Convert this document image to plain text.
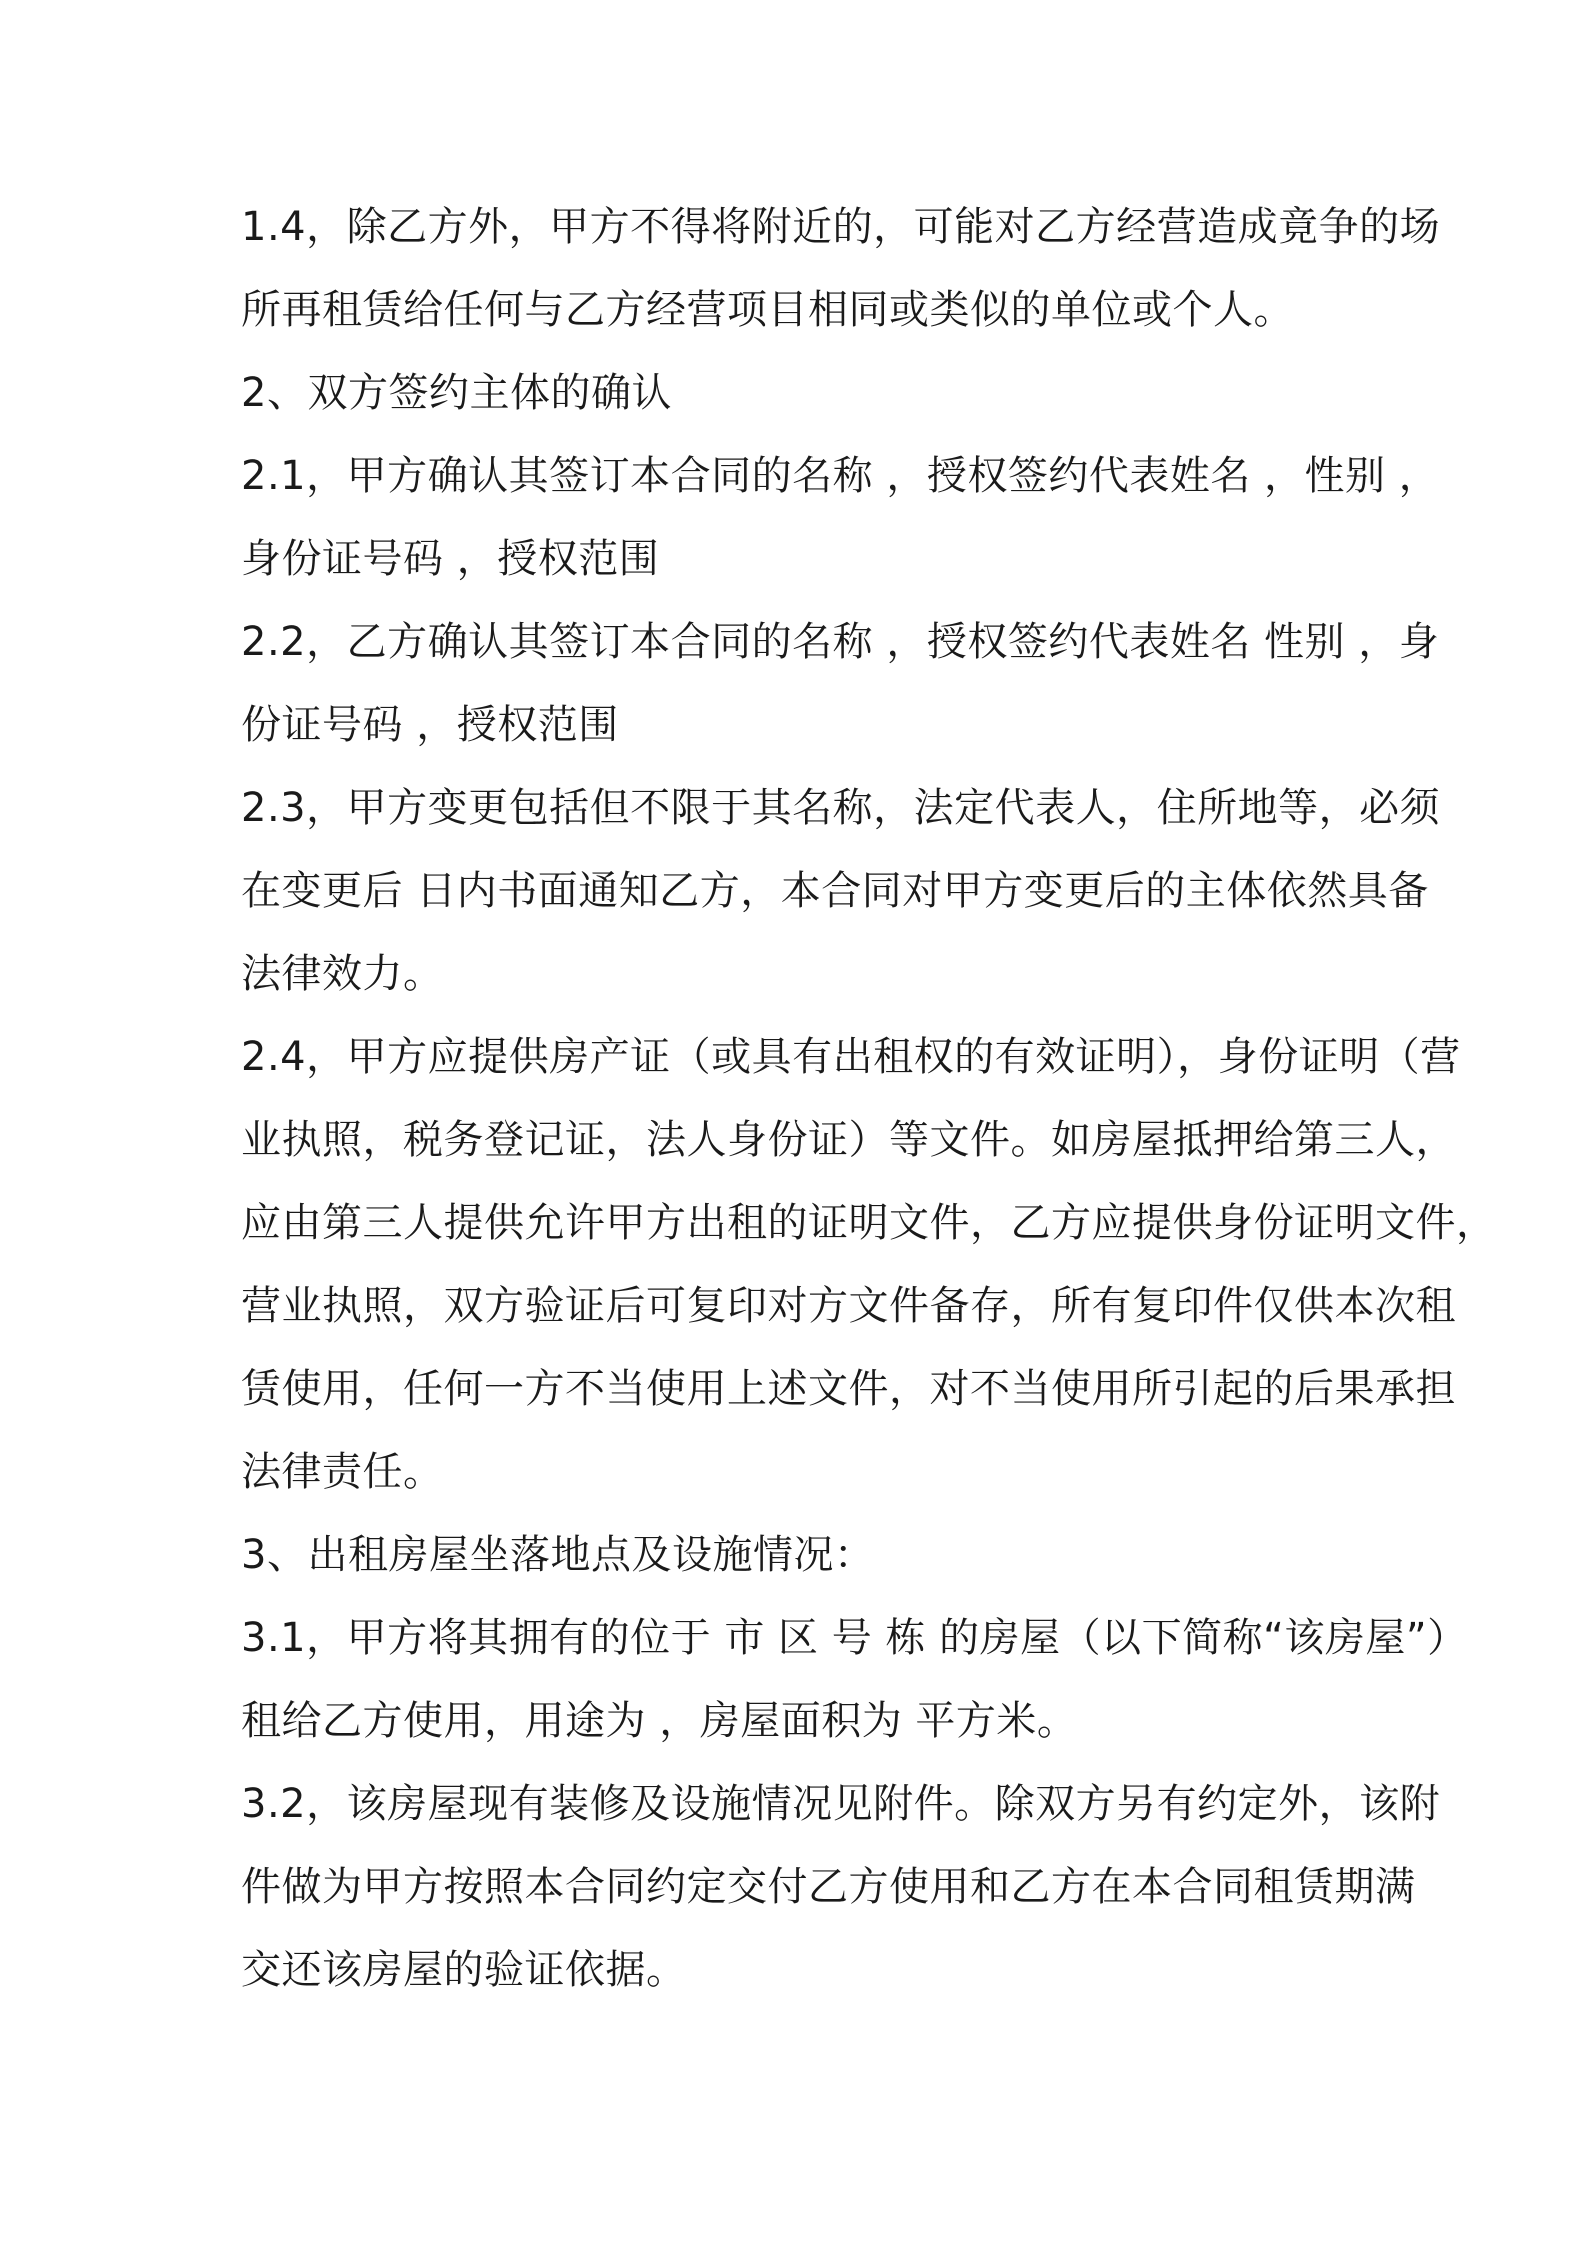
1.4，除乙方外，甲方不得将附近的，可能对乙方经营造成竟争的场

所再租赁给任何与乙方经营项目相同或类似的单位或个人。

2、双方签约主体的确认

2.1，甲方确认其签订本合同的名称 ，授权签约代表姓名 ，性别 ，

身份证号码 ，授权范围

2.2，乙方确认其签订本合同的名称 ，授权签约代表姓名 性别 ，身

份证号码 ，授权范围

2.3，甲方变更包括但不限于其名称，法定代表人，住所地等，必须

在变更后 日内书面通知乙方，本合同对甲方变更后的主体依然具备

法律效力。

2.4，甲方应提供房产证（或具有出租权的有效证明），身份证明（营

业执照，税务登记证，法人身份证）等文件。如房屋抵押给第三人，

应由第三人提供允许甲方出租的证明文件，乙方应提供身份证明文件，

营业执照，双方验证后可复印对方文件备存，所有复印件仅供本次租

赁使用，任何一方不当使用上述文件，对不当使用所引起的后果承担

法律责任。

3、出租房屋坐落地点及设施情况：

3.1，甲方将其拥有的位于 市 区 号 栋 的房屋（以下简称“该房屋”）

租给乙方使用，用途为 ，房屋面积为 平方米。

3.2，该房屋现有装修及设施情况见附件。除双方另有约定外，该附

件做为甲方按照本合同约定交付乙方使用和乙方在本合同租赁期满

交还该房屋的验证依据。
